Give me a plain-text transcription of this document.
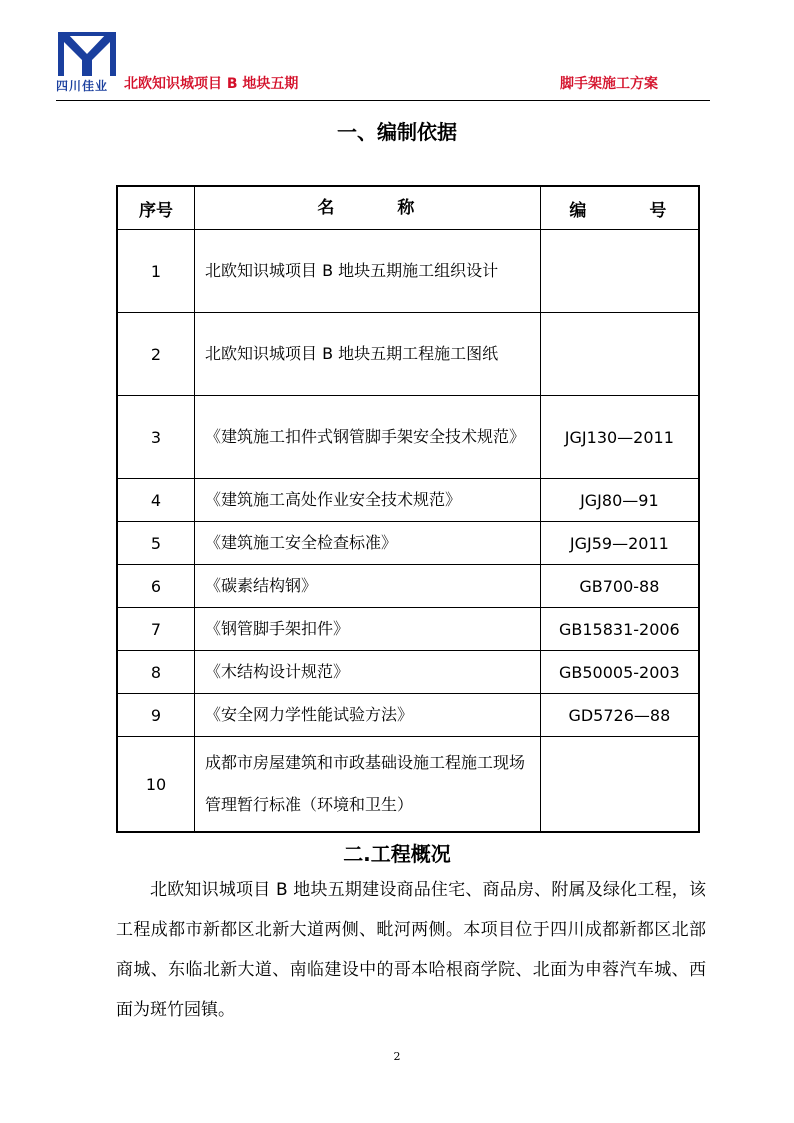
四川佳业 北欧知识城项目 B 地块五期	脚手架施工方案
一、编制依据
序号	名　　　称	编　　　号
1	北欧知识城项目 B 地块五期施工组织设计	
2	北欧知识城项目 B 地块五期工程施工图纸	
3	《建筑施工扣件式钢管脚手架安全技术规范》	JGJ130—2011
4	《建筑施工高处作业安全技术规范》	JGJ80—91
5	《建筑施工安全检查标准》	JGJ59—2011
6	《碳素结构钢》	GB700-88
7	《钢管脚手架扣件》	GB15831-2006
8	《木结构设计规范》	GB50005-2003
9	《安全网力学性能试验方法》	GD5726—88
10	成都市房屋建筑和市政基础设施工程施工现场管理暂行标准（环境和卫生）	
二.工程概况

北欧知识城项目 B 地块五期建设商品住宅、商品房、附属及绿化工程，该工程成都市新都区北新大道两侧、毗河两侧。本项目位于四川成都新都区北部商城、东临北新大道、南临建设中的哥本哈根商学院、北面为申蓉汽车城、西面为斑竹园镇。

2
